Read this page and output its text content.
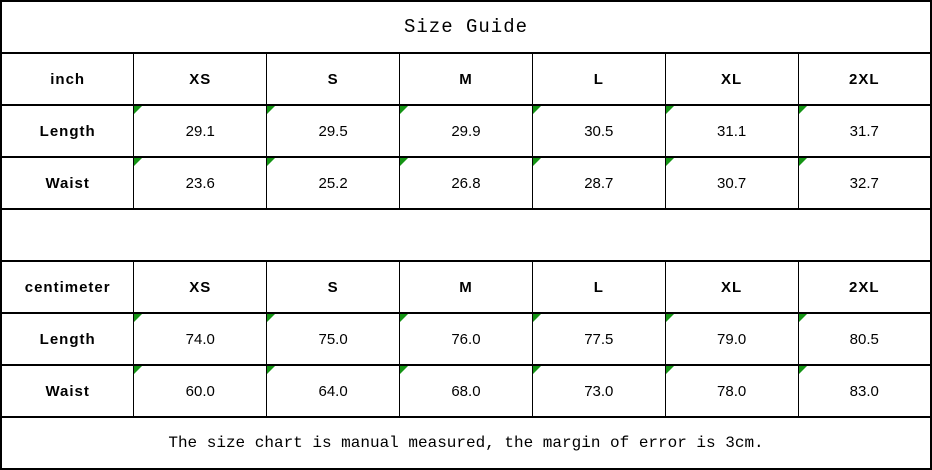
Size Guide						
inch	XS	S	M	L	XL	2XL
Length	29.1	29.5	29.9	30.5	31.1	31.7
Waist	23.6	25.2	26.8	28.7	30.7	32.7

centimeter	XS	S	M	L	XL	2XL
Length	74.0	75.0	76.0	77.5	79.0	80.5
Waist	60.0	64.0	68.0	73.0	78.0	83.0
The size chart is manual measured, the margin of error is 3cm.						
